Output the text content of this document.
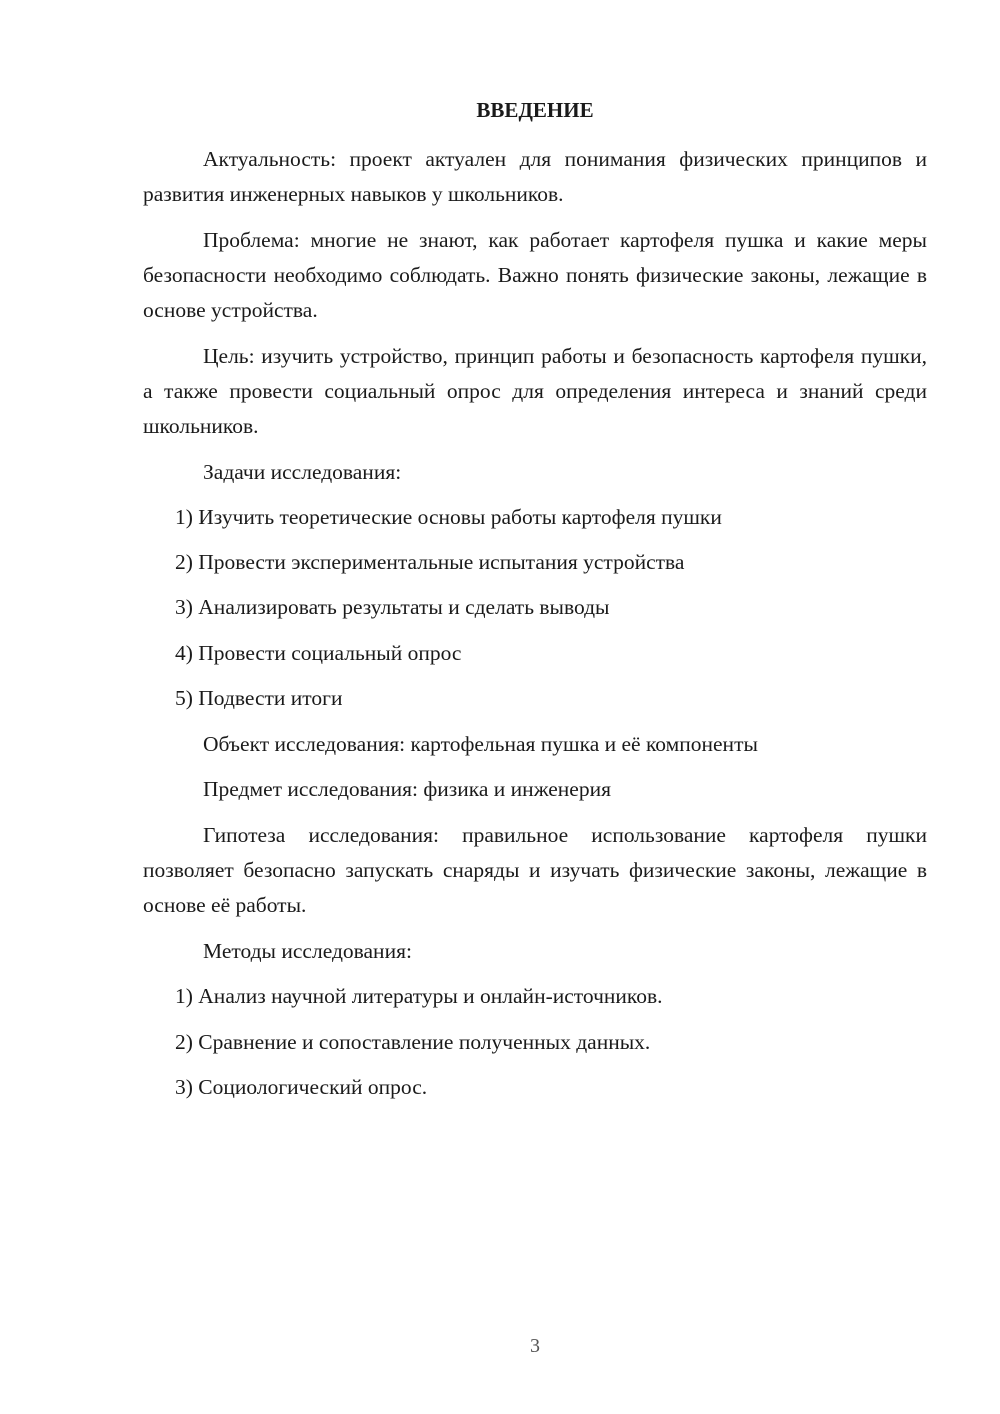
ВВЕДЕНИЕ

Актуальность: проект актуален для понимания физических принципов и развития инженерных навыков у школьников.

Проблема: многие не знают, как работает картофеля пушка и какие меры безопасности необходимо соблюдать. Важно понять физические законы, лежащие в основе устройства.

Цель: изучить устройство, принцип работы и безопасность картофеля пушки, а также провести социальный опрос для определения интереса и знаний среди школьников.

Задачи исследования:

1) Изучить теоретические основы работы картофеля пушки

2) Провести экспериментальные испытания устройства

3) Анализировать результаты и сделать выводы

4) Провести социальный опрос

5) Подвести итоги

Объект исследования: картофельная пушка и её компоненты

Предмет исследования: физика и инженерия

Гипотеза исследования: правильное использование картофеля пушки позволяет безопасно запускать снаряды и изучать физические законы, лежащие в основе её работы.

Методы исследования:

1) Анализ научной литературы и онлайн-источников.

2) Сравнение и сопоставление полученных данных.

3) Социологический опрос.

3
